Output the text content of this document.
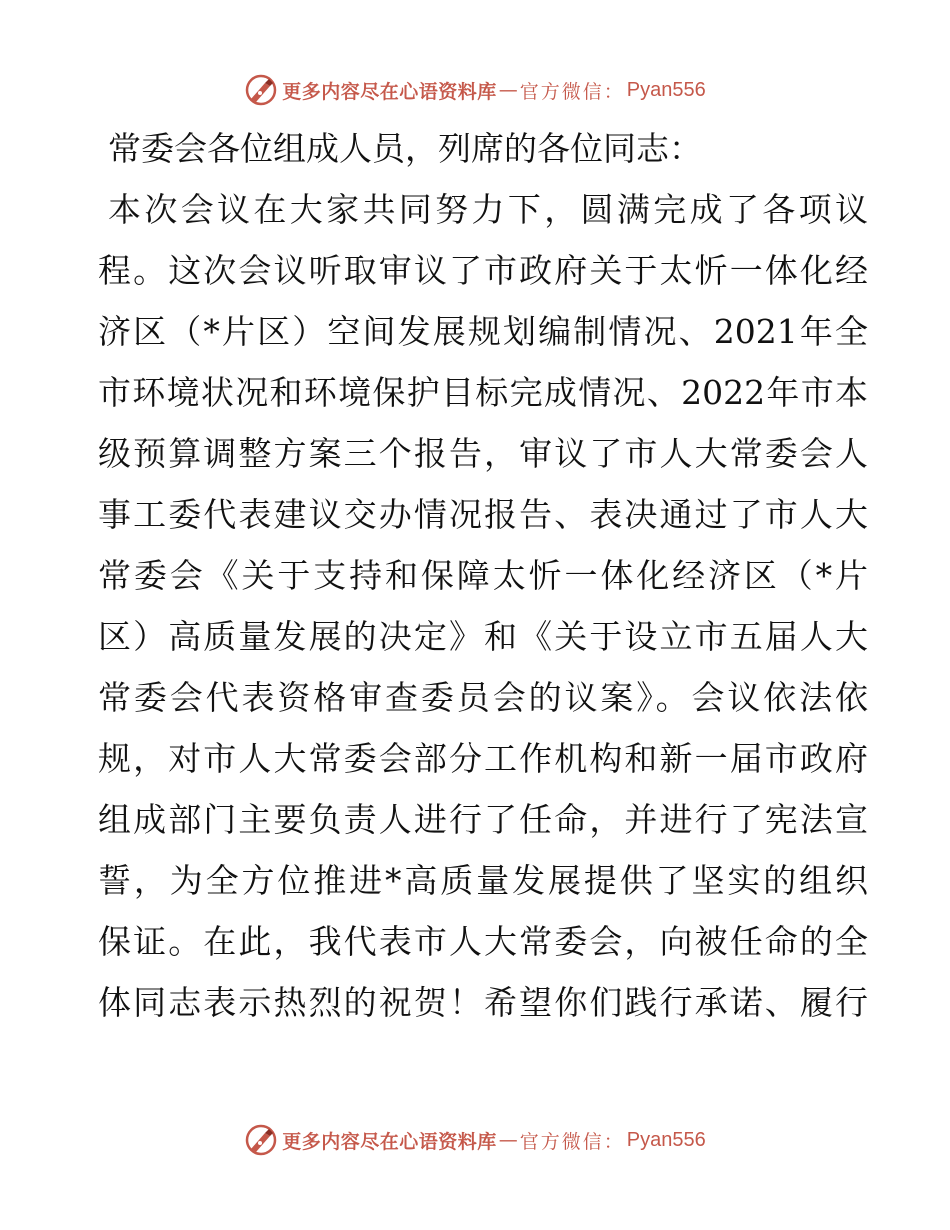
更多内容尽在心语资料库 — 官方微信： Pyan556
常委会各位组成人员，列席的各位同志：
本次会议在大家共同努力下，圆满完成了各项议
程。这次会议听取审议了市政府关于太忻一体化经
济区（*片区）空间发展规划编制情况、2021年全
市环境状况和环境保护目标完成情况、2022年市本
级预算调整方案三个报告，审议了市人大常委会人
事工委代表建议交办情况报告、表决通过了市人大
常委会《关于支持和保障太忻一体化经济区（*片
区）高质量发展的决定》和《关于设立市五届人大
常委会代表资格审查委员会的议案》。会议依法依
规，对市人大常委会部分工作机构和新一届市政府
组成部门主要负责人进行了任命，并进行了宪法宣
誓，为全方位推进*高质量发展提供了坚实的组织
保证。在此，我代表市人大常委会，向被任命的全
体同志表示热烈的祝贺！希望你们践行承诺、履行
更多内容尽在心语资料库 — 官方微信： Pyan556
